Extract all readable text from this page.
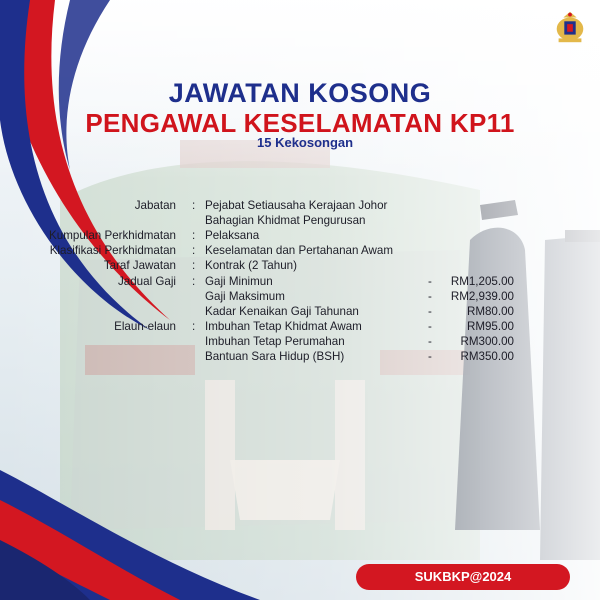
JAWATAN KOSONG
PENGAWAL KESELAMATAN KP11
15 Kekosongan
Jabatan : Pejabat Setiausaha Kerajaan Johor
Bahagian Khidmat Pengurusan
Kumpulan Perkhidmatan : Pelaksana
Klasifikasi Perkhidmatan : Keselamatan dan Pertahanan Awam
Taraf Jawatan : Kontrak (2 Tahun)
Jadual Gaji : Gaji Minimun	- RM1,205.00
Gaji Maksimum	- RM2,939.00
Kadar Kenaikan Gaji Tahunan	-	RM80.00
Elaun-elaun : Imbuhan Tetap Khidmat Awam	-	RM95.00
Imbuhan Tetap Perumahan	- RM300.00
Bantuan Sara Hidup (BSH)	- RM350.00
SUKBKP@2024
